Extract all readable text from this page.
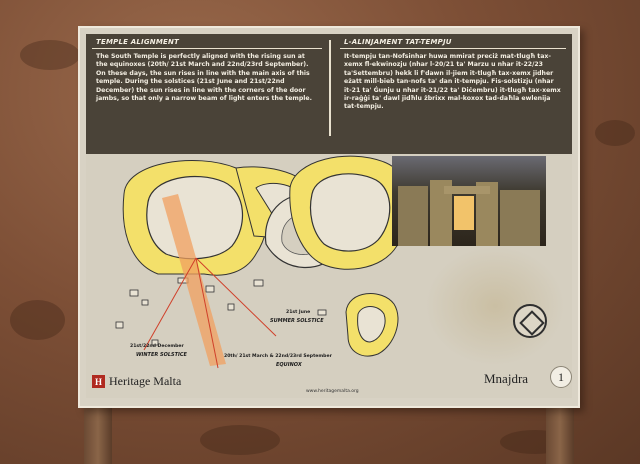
TEMPLE ALIGNMENT
The South Temple is perfectly aligned with the rising sun at the equinoxes (20th/ 21st March and 22nd/23rd September). On these days, the sun rises in line with the main axis of this temple. During the solstices (21st June and 21st/22nd December) the sun rises in line with the corners of the door jambs, so that only a narrow beam of light enters the temple.
L-ALINJAMENT TAT-TEMPJU
It-tempju tan-Nofsinhar huwa mmirat preciż mat-tlugħ tax-xemx fl-ekwinozju (nhar l-20/21 ta' Marzu u nhar it-22/23 ta'Settembru) hekk li f'dawn il-jiem it-tlugħ tax-xemx jidher eżatt mill-bieb tan-nofs ta' dan it-tempju. Fis-solstizju (nhar it-21 ta' Ġunju u nhar it-21/22 ta' Diċembru) it-tlugħ tax-xemx ir-raġġi ta' dawl jidħlu żbrixx mal-koxox tad-daħla ewlenija tat-tempju.
21st June
SUMMER SOLSTICE
21st/22nd December
WINTER SOLSTICE	20th/ 21st March & 22nd/23rd September
EQUINOX
H Heritage Malta
www.heritagemalta.org
Mnajdra	1
